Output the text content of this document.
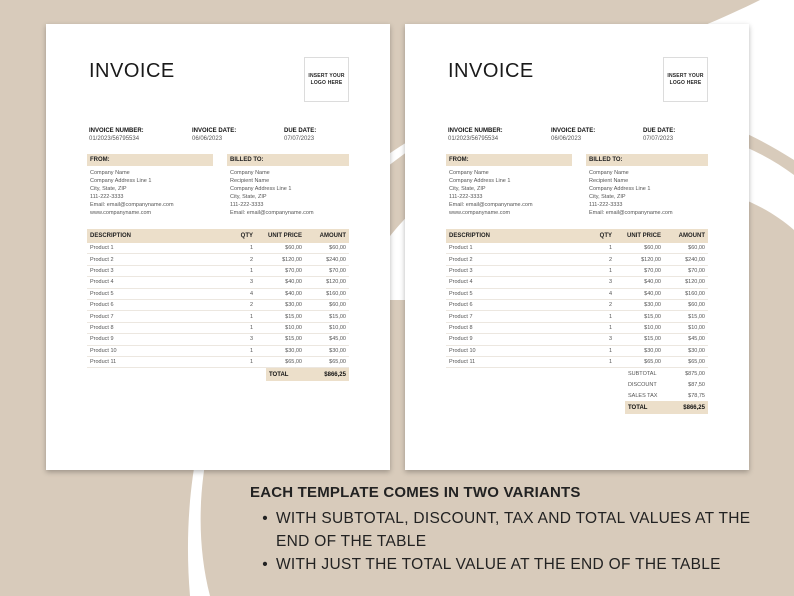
INVOICE	INSERT YOUR LOGO HERE
INVOICE NUMBER:
01/2023/56795534
INVOICE DATE:
06/06/2023
DUE DATE:
07/07/2023
FROM:
Company Name
Company Address Line 1
City, State, ZIP
111-222-3333
Email: email@companyname.com
www.companyname.com
BILLED TO:
Company Name
Recipient Name
Company Address Line 1
City, State, ZIP
111-222-3333
Email: email@companyname.com
DESCRIPTION	QTY	UNIT PRICE	AMOUNT
Product 1	1	$60,00	$60,00
Product 2	2	$120,00	$240,00
Product 3	1	$70,00	$70,00
Product 4	3	$40,00	$120,00
Product 5	4	$40,00	$160,00
Product 6	2	$30,00	$60,00
Product 7	1	$15,00	$15,00
Product 8	1	$10,00	$10,00
Product 9	3	$15,00	$45,00
Product 10	1	$30,00	$30,00
Product 11	1	$65,00	$65,00
TOTAL	$866,25
INVOICE	INSERT YOUR LOGO HERE
INVOICE NUMBER:
01/2023/56795534
INVOICE DATE:
06/06/2023
DUE DATE:
07/07/2023
FROM:
Company Name
Company Address Line 1
City, State, ZIP
111-222-3333
Email: email@companyname.com
www.companyname.com
BILLED TO:
Company Name
Recipient Name
Company Address Line 1
City, State, ZIP
111-222-3333
Email: email@companyname.com
DESCRIPTION	QTY	UNIT PRICE	AMOUNT
Product 1	1	$60,00	$60,00
Product 2	2	$120,00	$240,00
Product 3	1	$70,00	$70,00
Product 4	3	$40,00	$120,00
Product 5	4	$40,00	$160,00
Product 6	2	$30,00	$60,00
Product 7	1	$15,00	$15,00
Product 8	1	$10,00	$10,00
Product 9	3	$15,00	$45,00
Product 10	1	$30,00	$30,00
Product 11	1	$65,00	$65,00
SUBTOTAL	$875,00
DISCOUNT	$87,50
SALES TAX	$78,75
TOTAL	$866,25
EACH TEMPLATE COMES IN TWO VARIANTS
• WITH SUBTOTAL, DISCOUNT, TAX AND TOTAL VALUES AT THE END OF THE TABLE
• WITH JUST THE TOTAL VALUE AT THE END OF THE TABLE
